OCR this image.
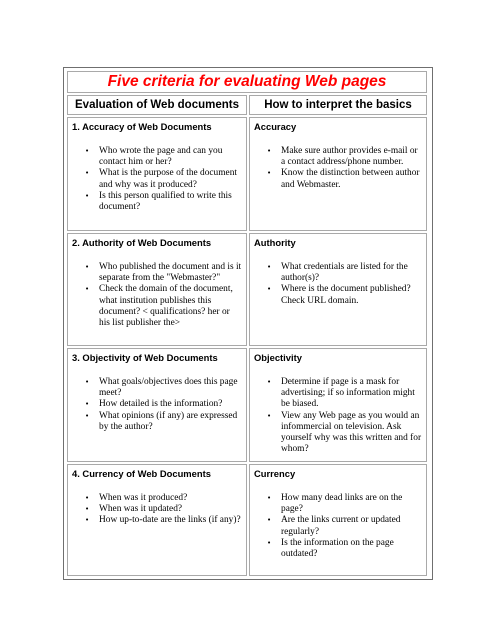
Five criteria for evaluating Web pages
Evaluation of Web documents How to interpret the basics
1. Accuracy of Web Documents
• Who wrote the page and can you contact him or her?
• What is the purpose of the document and why was it produced?
• Is this person qualified to write this document?
Accuracy
• Make sure author provides e-mail or a contact address/phone number.
• Know the distinction between author and Webmaster.
2. Authority of Web Documents
• Who published the document and is it separate from the "Webmaster?"
• Check the domain of the document, what institution publishes this document? < qualifications? her or his list publisher the>
Authority
• What credentials are listed for the author(s)?
• Where is the document published? Check URL domain.
3. Objectivity of Web Documents
• What goals/objectives does this page meet?
• How detailed is the information?
• What opinions (if any) are expressed by the author?
Objectivity
• Determine if page is a mask for advertising; if so information might be biased.
• View any Web page as you would an infommercial on television. Ask yourself why was this written and for whom?
4. Currency of Web Documents
• When was it produced?
• When was it updated?
• How up-to-date are the links (if any)?
Currency
• How many dead links are on the page?
• Are the links current or updated regularly?
• Is the information on the page outdated?
